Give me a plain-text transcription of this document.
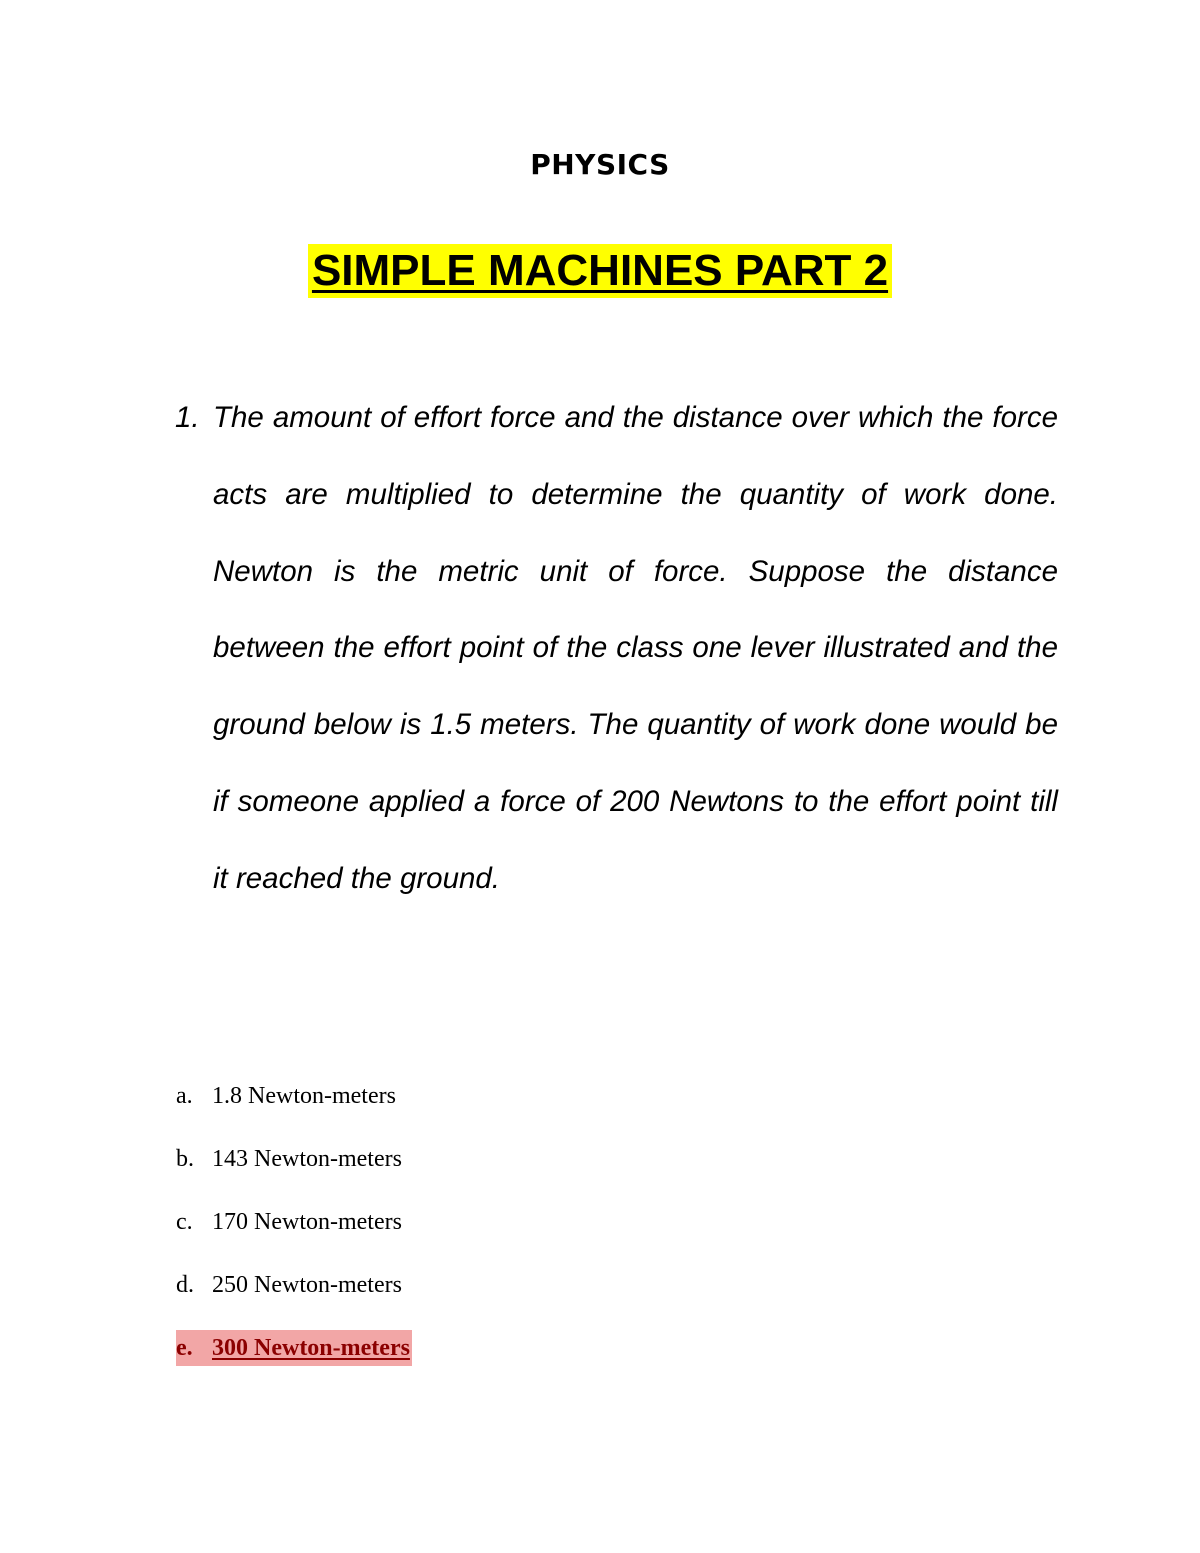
PHYSICS
SIMPLE MACHINES PART 2
1. The amount of effort force and the distance over which the force acts are multiplied to determine the quantity of work done. Newton is the metric unit of force. Suppose the distance between the effort point of the class one lever illustrated and the ground below is 1.5 meters. The quantity of work done would be if someone applied a force of 200 Newtons to the effort point till it reached the ground.
a. 1.8 Newton-meters
b. 143 Newton-meters
c. 170 Newton-meters
d. 250 Newton-meters
e. 300 Newton-meters
